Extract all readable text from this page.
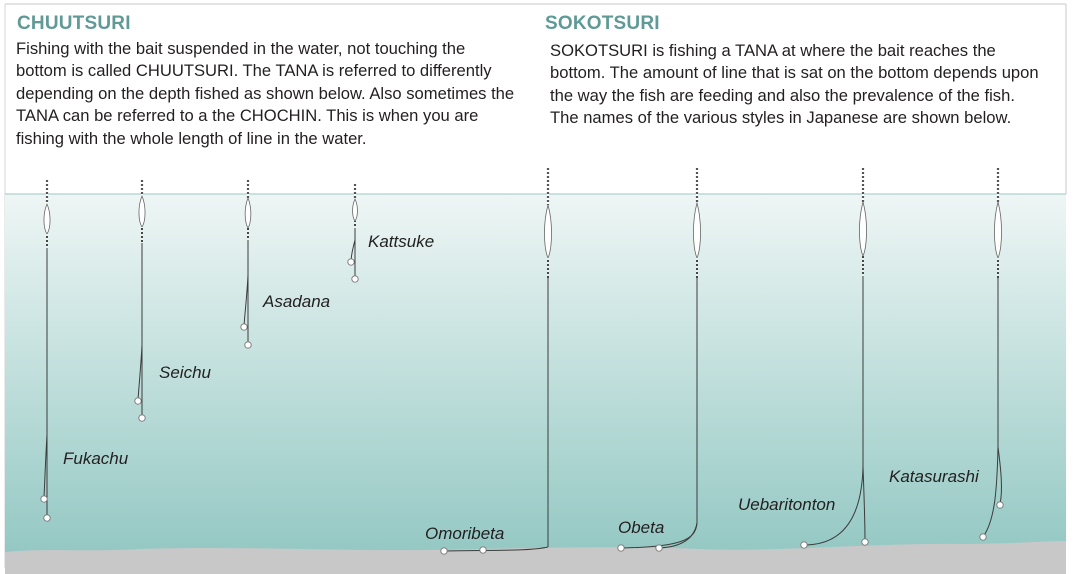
CHUUTSURI

Fishing with the bait suspended in the water, not touching the bottom is called CHUUTSURI. The TANA is referred to differently depending on the depth fished as shown below. Also sometimes the TANA can be referred to a the CHOCHIN. This is when you are fishing with the whole length of line in the water.

SOKOTSURI

SOKOTSURI is fishing a TANA at where the bait reaches the bottom. The amount of line that is sat on the bottom depends upon the way the fish are feeding and also the prevalence of the fish. The names of the various styles in Japanese are shown below.

Fukachu
Seichu
Asadana
Kattsuke
Omoribeta	Obeta
Uebaritonton
Katasurashi
